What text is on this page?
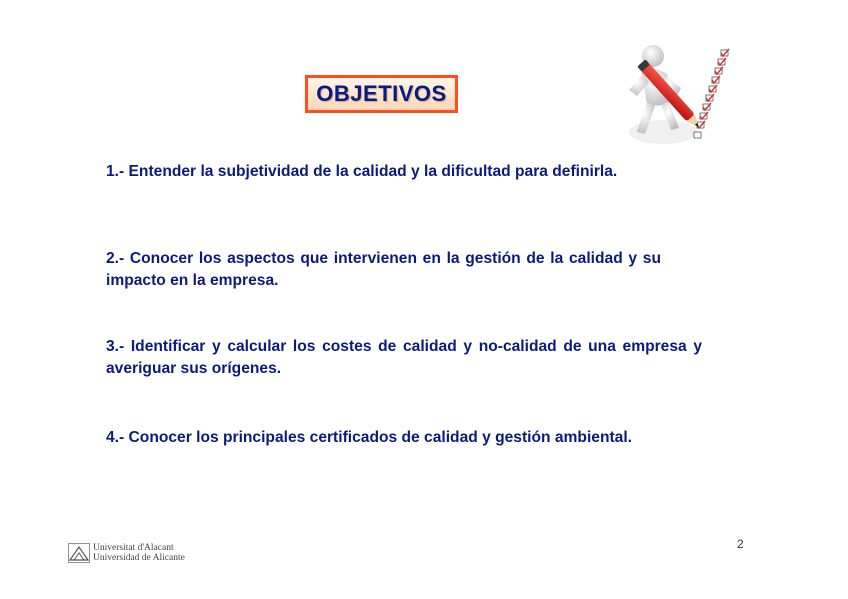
OBJETIVOS

1.- Entender la subjetividad de la calidad y la dificultad para definirla.

2.- Conocer los aspectos que intervienen en la gestión de la calidad y su impacto en la empresa.

3.- Identificar y calcular los costes de calidad y no-calidad de una empresa y averiguar sus orígenes.

4.- Conocer los principales certificados de calidad y gestión ambiental.

2
Universitat d'Alacant
Universidad de Alicante
